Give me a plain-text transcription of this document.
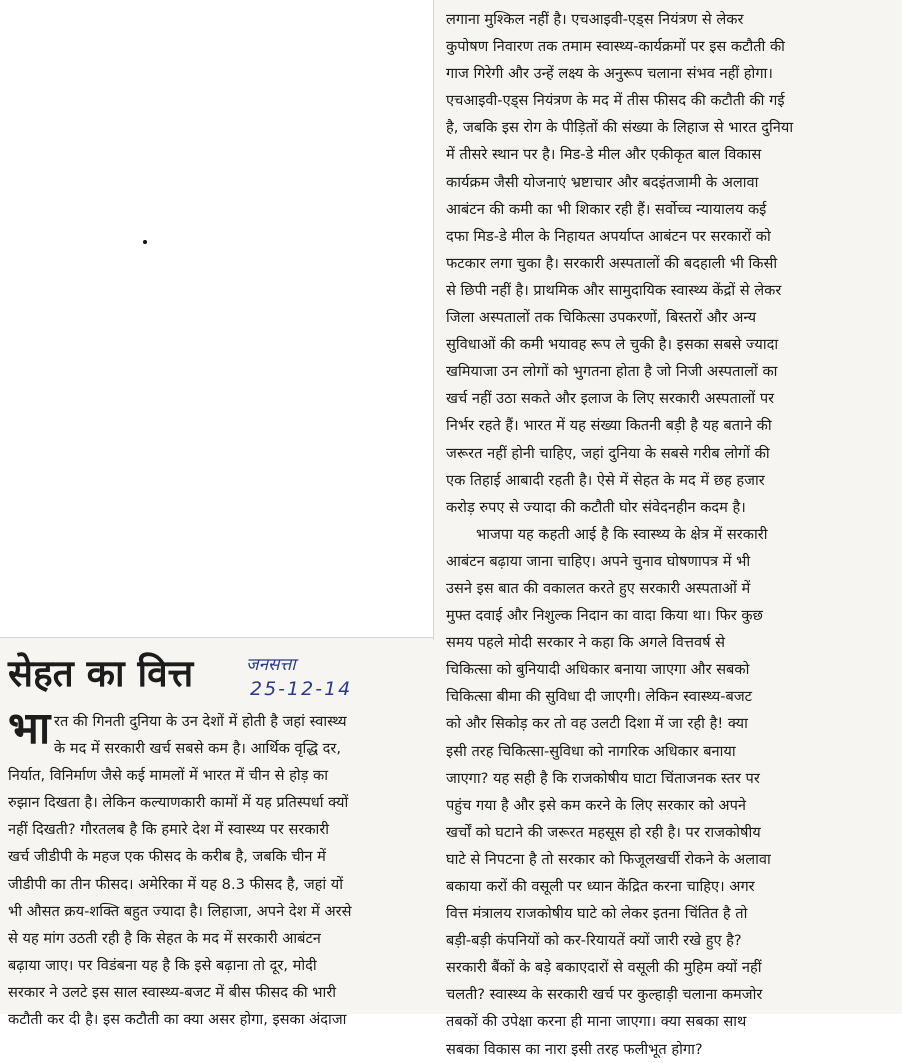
लगाना मुश्किल नहीं है। एचआइवी-एड्स नियंत्रण से लेकर
कुपोषण निवारण तक तमाम स्वास्थ्य-कार्यक्रमों पर इस कटौती की
गाज गिरेगी और उन्हें लक्ष्य के अनुरूप चलाना संभव नहीं होगा।
एचआइवी-एड्स नियंत्रण के मद में तीस फीसद की कटौती की गई
है, जबकि इस रोग के पीड़ितों की संख्या के लिहाज से भारत दुनिया
में तीसरे स्थान पर है। मिड-डे मील और एकीकृत बाल विकास
कार्यक्रम जैसी योजनाएं भ्रष्टाचार और बदइंतजामी के अलावा
आबंटन की कमी का भी शिकार रही हैं। सर्वोच्च न्यायालय कई
दफा मिड-डे मील के निहायत अपर्याप्त आबंटन पर सरकारों को
फटकार लगा चुका है। सरकारी अस्पतालों की बदहाली भी किसी
से छिपी नहीं है। प्राथमिक और सामुदायिक स्वास्थ्य केंद्रों से लेकर
जिला अस्पतालों तक चिकित्सा उपकरणों, बिस्तरों और अन्य
सुविधाओं की कमी भयावह रूप ले चुकी है। इसका सबसे ज्यादा
खमियाजा उन लोगों को भुगतना होता है जो निजी अस्पतालों का
खर्च नहीं उठा सकते और इलाज के लिए सरकारी अस्पतालों पर
निर्भर रहते हैं। भारत में यह संख्या कितनी बड़ी है यह बताने की
जरूरत नहीं होनी चाहिए, जहां दुनिया के सबसे गरीब लोगों की
एक तिहाई आबादी रहती है। ऐसे में सेहत के मद में छह हजार
करोड़ रुपए से ज्यादा की कटौती घोर संवेदनहीन कदम है।
भाजपा यह कहती आई है कि स्वास्थ्य के क्षेत्र में सरकारी
आबंटन बढ़ाया जाना चाहिए। अपने चुनाव घोषणापत्र में भी
उसने इस बात की वकालत करते हुए सरकारी अस्पताओं में
मुफ्त दवाई और निशुल्क निदान का वादा किया था। फिर कुछ
समय पहले मोदी सरकार ने कहा कि अगले वित्तवर्ष से
चिकित्सा को बुनियादी अधिकार बनाया जाएगा और सबको
चिकित्सा बीमा की सुविधा दी जाएगी। लेकिन स्वास्थ्य-बजट
को और सिकोड़ कर तो वह उलटी दिशा में जा रही है! क्या
इसी तरह चिकित्सा-सुविधा को नागरिक अधिकार बनाया
जाएगा? यह सही है कि राजकोषीय घाटा चिंताजनक स्तर पर
पहुंच गया है और इसे कम करने के लिए सरकार को अपने
खर्चों को घटाने की जरूरत महसूस हो रही है। पर राजकोषीय
घाटे से निपटना है तो सरकार को फिजूलखर्ची रोकने के अलावा
बकाया करों की वसूली पर ध्यान केंद्रित करना चाहिए। अगर
वित्त मंत्रालय राजकोषीय घाटे को लेकर इतना चिंतित है तो
बड़ी-बड़ी कंपनियों को कर-रियायतें क्यों जारी रखे हुए है?
सरकारी बैंकों के बड़े बकाएदारों से वसूली की मुहिम क्यों नहीं
चलती? स्वास्थ्य के सरकारी खर्च पर कुल्हाड़ी चलाना कमजोर
तबकों की उपेक्षा करना ही माना जाएगा। क्या सबका साथ
सबका विकास का नारा इसी तरह फलीभूत होगा?
सेहत का वित्त	जनसत्ता
25-12-14
भा रत की गिनती दुनिया के उन देशों में होती है जहां स्वास्थ्य
के मद में सरकारी खर्च सबसे कम है। आर्थिक वृद्धि दर,
निर्यात, विनिर्माण जैसे कई मामलों में भारत में चीन से होड़ का
रुझान दिखता है। लेकिन कल्याणकारी कामों में यह प्रतिस्पर्धा क्यों
नहीं दिखती? गौरतलब है कि हमारे देश में स्वास्थ्य पर सरकारी
खर्च जीडीपी के महज एक फीसद के करीब है, जबकि चीन में
जीडीपी का तीन फीसद। अमेरिका में यह 8.3 फीसद है, जहां यों
भी औसत क्रय-शक्ति बहुत ज्यादा है। लिहाजा, अपने देश में अरसे
से यह मांग उठती रही है कि सेहत के मद में सरकारी आबंटन
बढ़ाया जाए। पर विडंबना यह है कि इसे बढ़ाना तो दूर, मोदी
सरकार ने उलटे इस साल स्वास्थ्य-बजट में बीस फीसद की भारी
कटौती कर दी है। इस कटौती का क्या असर होगा, इसका अंदाजा
